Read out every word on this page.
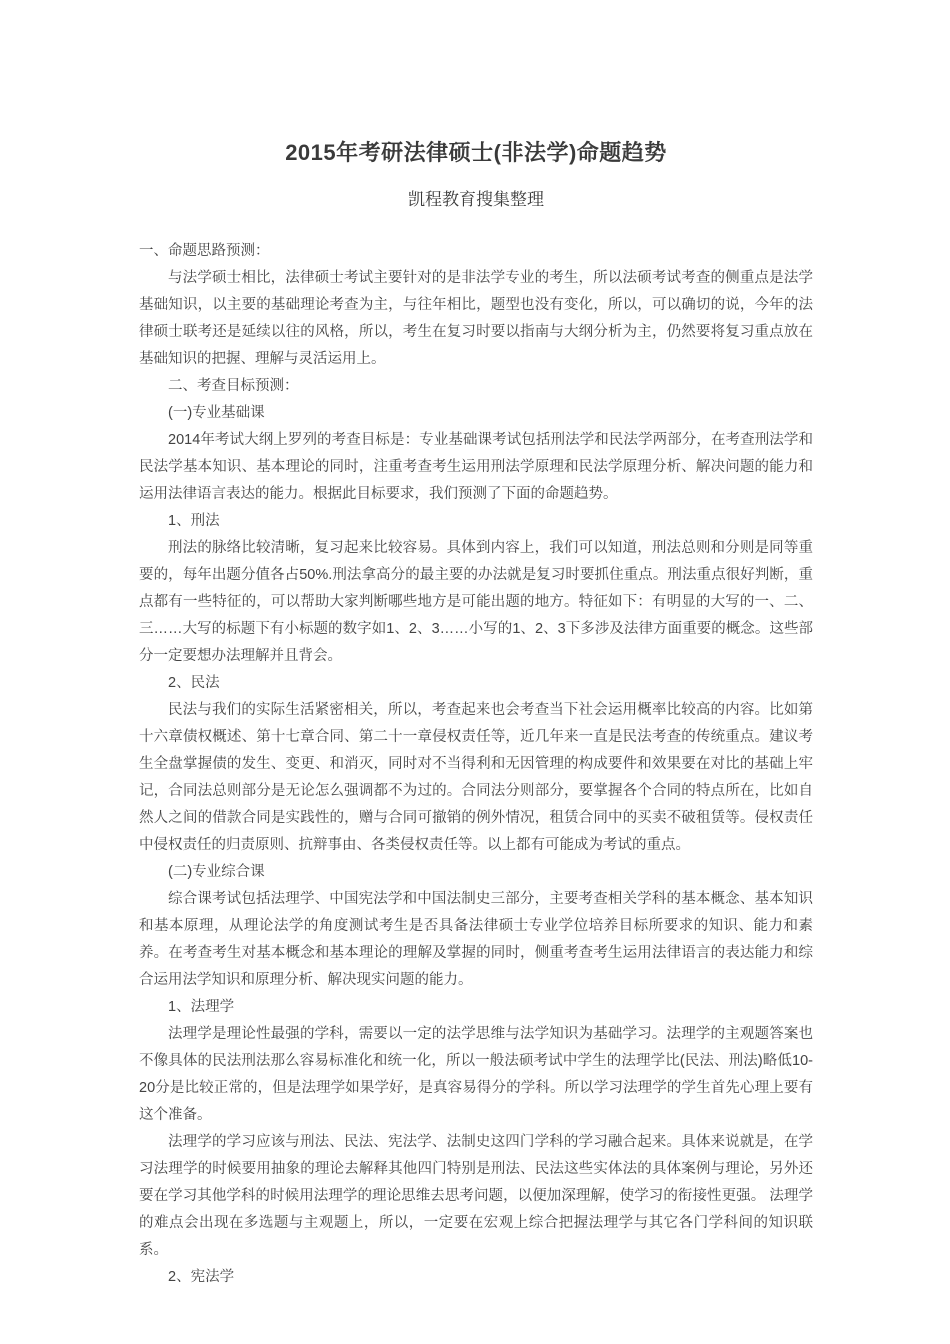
2015年考研法律硕士(非法学)命题趋势
凯程教育搜集整理

一、命题思路预测：

与法学硕士相比，法律硕士考试主要针对的是非法学专业的考生，所以法硕考试考查的侧重点是法学基础知识，以主要的基础理论考查为主，与往年相比，题型也没有变化，所以，可以确切的说，今年的法律硕士联考还是延续以往的风格，所以，考生在复习时要以指南与大纲分析为主，仍然要将复习重点放在基础知识的把握、理解与灵活运用上。

二、考查目标预测：

(一)专业基础课

2014年考试大纲上罗列的考查目标是：专业基础课考试包括刑法学和民法学两部分，在考查刑法学和民法学基本知识、基本理论的同时，注重考查考生运用刑法学原理和民法学原理分析、解决问题的能力和运用法律语言表达的能力。根据此目标要求，我们预测了下面的命题趋势。

1、刑法

刑法的脉络比较清晰，复习起来比较容易。具体到内容上，我们可以知道，刑法总则和分则是同等重要的，每年出题分值各占50%.刑法拿高分的最主要的办法就是复习时要抓住重点。刑法重点很好判断，重点都有一些特征的，可以帮助大家判断哪些地方是可能出题的地方。特征如下：有明显的大写的一、二、三……大写的标题下有小标题的数字如1、2、3……小写的1、2、3下多涉及法律方面重要的概念。这些部分一定要想办法理解并且背会。

2、民法

民法与我们的实际生活紧密相关，所以，考查起来也会考查当下社会运用概率比较高的内容。比如第十六章债权概述、第十七章合同、第二十一章侵权责任等，近几年来一直是民法考查的传统重点。建议考生全盘掌握债的发生、变更、和消灭，同时对不当得利和无因管理的构成要件和效果要在对比的基础上牢记，合同法总则部分是无论怎么强调都不为过的。合同法分则部分，要掌握各个合同的特点所在，比如自然人之间的借款合同是实践性的，赠与合同可撤销的例外情况，租赁合同中的买卖不破租赁等。侵权责任中侵权责任的归责原则、抗辩事由、各类侵权责任等。以上都有可能成为考试的重点。

(二)专业综合课

综合课考试包括法理学、中国宪法学和中国法制史三部分，主要考查相关学科的基本概念、基本知识和基本原理，从理论法学的角度测试考生是否具备法律硕士专业学位培养目标所要求的知识、能力和素养。在考查考生对基本概念和基本理论的理解及掌握的同时，侧重考查考生运用法律语言的表达能力和综合运用法学知识和原理分析、解决现实问题的能力。

1、法理学

法理学是理论性最强的学科，需要以一定的法学思维与法学知识为基础学习。法理学的主观题答案也不像具体的民法刑法那么容易标准化和统一化，所以一般法硕考试中学生的法理学比(民法、刑法)略低10-20分是比较正常的，但是法理学如果学好，是真容易得分的学科。所以学习法理学的学生首先心理上要有这个准备。

法理学的学习应该与刑法、民法、宪法学、法制史这四门学科的学习融合起来。具体来说就是，在学习法理学的时候要用抽象的理论去解释其他四门特别是刑法、民法这些实体法的具体案例与理论，另外还要在学习其他学科的时候用法理学的理论思维去思考问题，以便加深理解，使学习的衔接性更强。 法理学的难点会出现在多选题与主观题上，所以，一定要在宏观上综合把握法理学与其它各门学科间的知识联系。

2、宪法学
